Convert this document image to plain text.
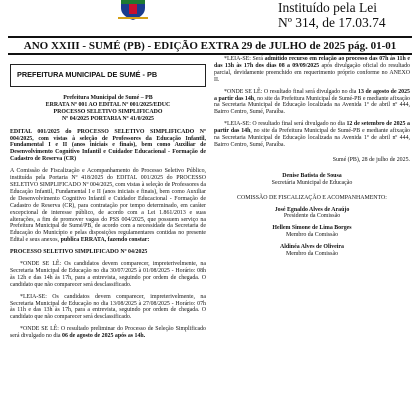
Instituído pela Lei
Nº 314, de 17.03.74
ANO XXIII - SUMÉ (PB) - EDIÇÃO EXTRA 29 de JULHO de 2025 pág. 01-01
PREFEITURA MUNICIPAL DE SUMÉ - PB
Prefeitura Municipal de Sumé – PB
ERRATA Nº 001 AO EDITAL Nº 001/2025/EDUC
PROCESSO SELETIVO SIMPLIFICADO
Nº 04/2025 PORTARIA Nº 41/0/2025

EDITAL 001/2025 do PROCESSO SELETIVO SIMPLIFICADO Nº 004/2025, com vistas à seleção de Professores da Educação Infantil, Fundamental I e II (anos iniciais e finais), bem como Auxiliar de Desenvolvimento Cognitivo Infantil e Cuidador Educacional - Formação de Cadastro de Reserva (CR)

A Comissão de Fiscalização e Acompanhamento do Processo Seletivo Público, instituída pela Portaria Nº 418/2025 do EDITAL 001/2025 do PROCESSO SELETIVO SIMPLIFICADO Nº 004/2025, com vistas à seleção de Professores da Educação Infantil, Fundamental I e II (anos iniciais e finais), bem como Auxiliar de Desenvolvimento Cognitivo Infantil e Cuidador Educacional - Formação de Cadastro de Reserva (CR), para contratação por tempo determinado, em caráter excepcional de interesse público, de acordo com a Lei 1.861/2013 e suas alterações, a fim de promover vagas do PSS 004/2025, que possuem serviço na Prefeitura Municipal de Sumé/PB, de acordo com a necessidade da Secretaria de Educação do Município e pelas disposições regulamentares contidas no presente Edital e seus anexos, publica ERRATA, fazendo constar:

PROCESSO SELETIVO SIMPLIFICADO Nº 04/2025

*ONDE SE LÊ: Os candidatos devem comparecer, impreterivelmente, na Secretaria Municipal de Educação no dia 30/07/2025 à 01/08/2025 - Horário: 08h às 12h e das 14h às 17h, para a entrevista, seguindo por ordem de chegada. O candidato que não comparecer será desclassificado.

*LEIA-SE: Os candidatos devem comparecer, impreterivelmente, na Secretaria Municipal de Educação no dia 13/08/2025 à 27/08/2025 - Horário: 07h às 11h e das 13h às 17h, para a entrevista, seguindo por ordem de chegada. O candidato que não comparecer será desclassificado.

*ONDE SE LÊ: O resultado preliminar do Processo de Seleção Simplificado será divulgado no dia 06 de agosto de 2025 após as 14h.

*LEIA-SE: Será admitido recurso em relação ao processo das 07h às 11h e das 13h às 17h dos dias 08 a 09/09/2025 após divulgação oficial do resultado parcial, devidamente preenchido em requerimento próprio conforme no ANEXO II.

*ONDE SE LÊ: O resultado final será divulgado no dia 13 de agosto de 2025 a partir das 14h, no site da Prefeitura Municipal de Sumé-PB e mediante afixação na Secretaria Municipal de Educação localizada na Avenida 1º de abril nº 444, Bairro Centro, Sumé, Paraíba.

*LEIA-SE: O resultado final será divulgado no dia 12 de setembro de 2025 a partir das 14h, no site da Prefeitura Municipal de Sumé-PB e mediante afixação na Secretaria Municipal de Educação localizada na Avenida 1º de abril nº 444, Bairro Centro, Sumé, Paraíba.

Sumé (PB), 28 de julho de 2025.

Denise Batista de Sousa
Secretária Municipal de Educação
COMISSÃO DE FISCALIZAÇÃO E ACOMPANHAMENTO:
José Egnaldo Alves de Araújo
Presidente da Comissão
Hellem Simone de Lima Borges
Membro da Comissão
Aldinéa Alves de Oliveira
Membro da Comissão
